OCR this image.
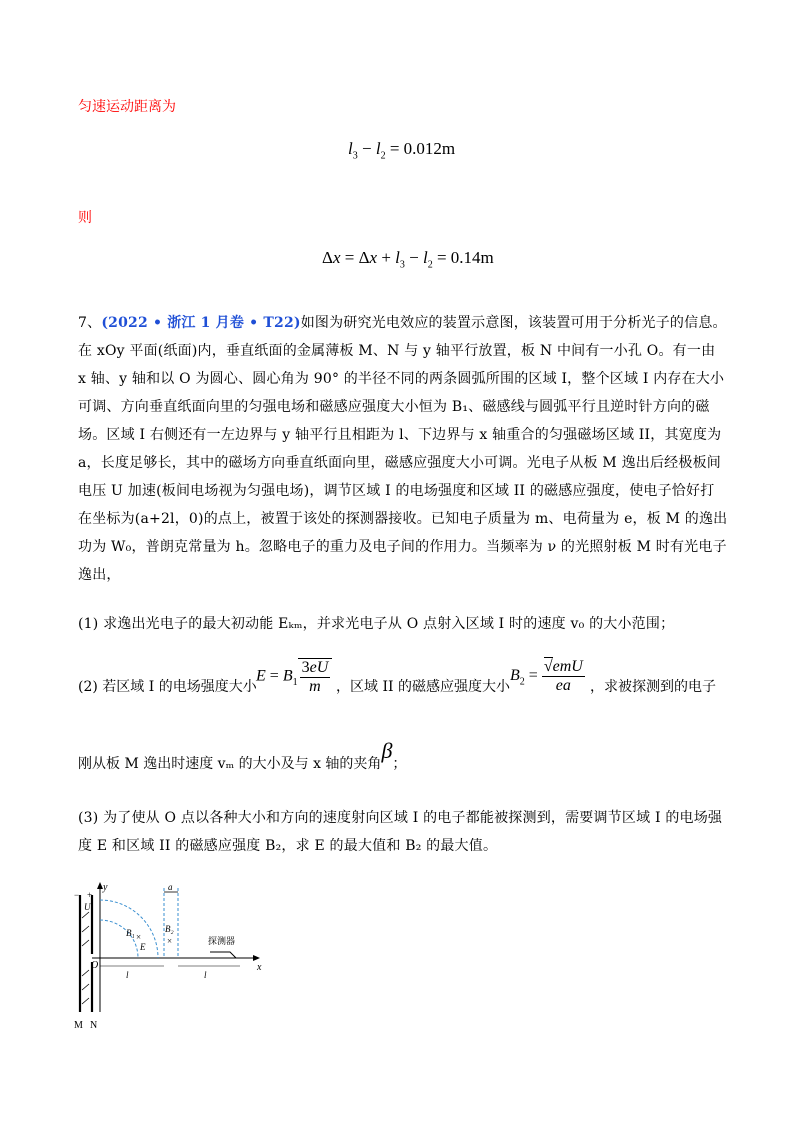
匀速运动距离为
$l_3 - l_2 = 0.012m$
则
$\Delta x = \Delta x + l_3 - l_2 = 0.14m$
7、(2022 • 浙江 1 月卷 • T22)如图为研究光电效应的装置示意图，该装置可用于分析光子的信息。在 xOy 平面(纸面)内，垂直纸面的金属薄板 M、N 与 y 轴平行放置，板 N 中间有一小孔 O。有一由 x 轴、y 轴和以 O 为圆心、圆心角为 90° 的半径不同的两条圆弧所围的区域 I，整个区域 I 内存在大小可调、方向垂直纸面向里的匀强电场和磁感应强度大小恒为 B₁、磁感线与圆弧平行且逆时针方向的磁场。区域 I 右侧还有一左边界与 y 轴平行且相距为 l、下边界与 x 轴重合的匀强磁场区域 II，其宽度为 a，长度足够长，其中的磁场方向垂直纸面向里，磁感应强度大小可调。光电子从板 M 逸出后经极板间电压 U 加速(板间电场视为匀强电场)，调节区域 I 的电场强度和区域 II 的磁感应强度，使电子恰好打在坐标为(a+2l，0)的点上，被置于该处的探测器接收。已知电子质量为 m、电荷量为 e，板 M 的逸出功为 W₀，普朗克常量为 h。忽略电子的重力及电子间的作用力。当频率为 ν 的光照射板 M 时有光电子逸出，
(1) 求逸出光电子的最大初动能 Eₖₘ，并求光电子从 O 点射入区域 I 时的速度 v₀ 的大小范围；
(2) 若区域 I 的电场强度大小
$E = B_1 \frac{3eU}{m}$ ，区域 II 的磁感应强度大小
$B_2 = \frac{\text{√emU}}{ea}$ ，求被探测到的电子
刚从板 M 逸出时速度 vₘ 的大小及与 x 轴的夹角β；
(3) 为了使从 O 点以各种大小和方向的速度射向区域 I 的电子都能被探测到，需要调节区域 I 的电场强度 E 和区域 II 的磁感应强度 B₂，求 E 的最大值和 B₂ 的最大值。
y
x
O
M N
− +
U
a
B₁	B₂
×
×
E
l	l
探测器
